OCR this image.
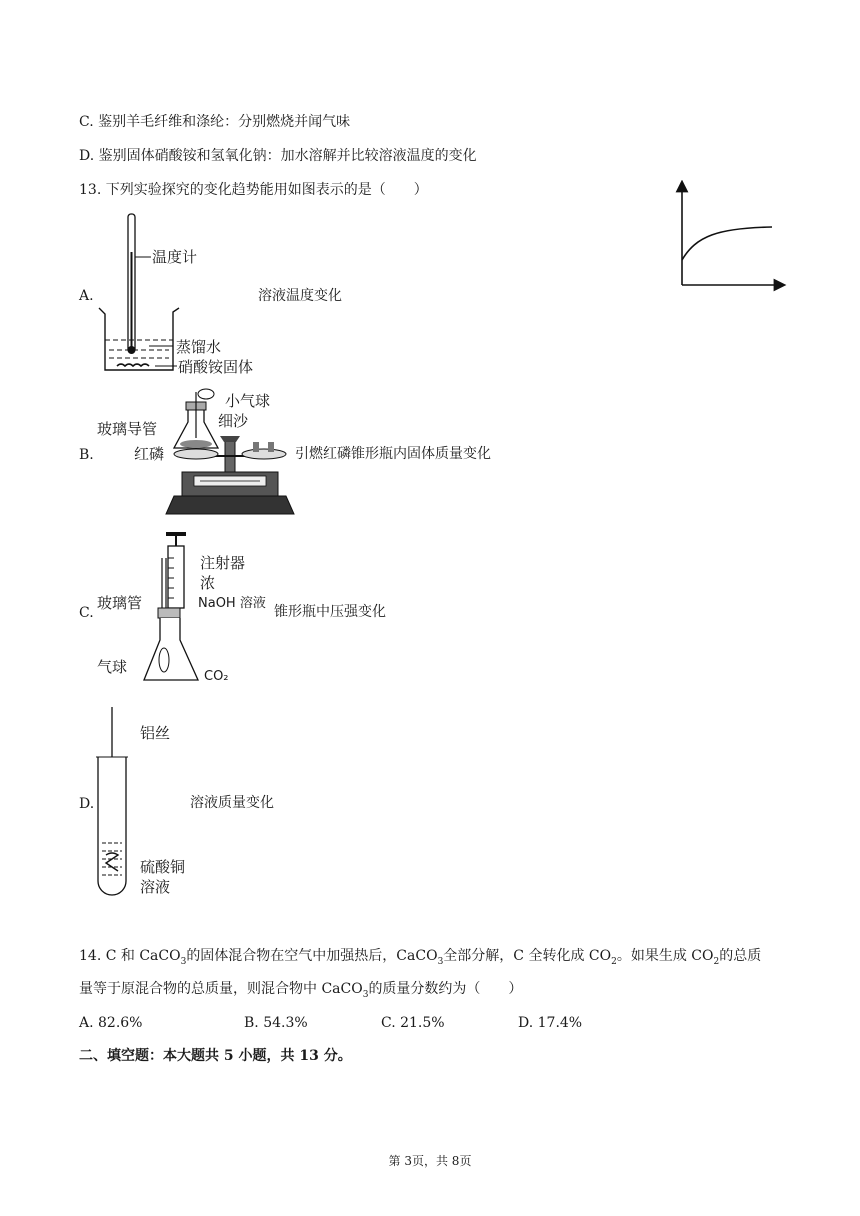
C. 鉴别羊毛纤维和涤纶：分别燃烧并闻气味
D. 鉴别固体硝酸铵和氢氧化钠：加水溶解并比较溶液温度的变化
13. 下列实验探究的变化趋势能用如图表示的是（　　）
A.	溶液温度变化
温度计
蒸馏水
硝酸铵固体
B.	引燃红磷锥形瓶内固体质量变化
小气球
玻璃导管	细沙
红磷
C.	锥形瓶中压强变化
注射器
浓
NaOH 溶液
玻璃管
气球
CO₂
D.	溶液质量变化
铝丝
硫酸铜
溶液
14. C 和 CaCO$_3$的固体混合物在空气中加强热后，CaCO$_3$全部分解，C 全转化成 $CO_2$。如果生成 $CO_2$的总质
量等于原混合物的总质量，则混合物中 CaCO$_3$的质量分数约为（　　）
A. 82.6%	B. 54.3%	C. 21.5%	D. 17.4%
二、填空题：本大题共 5 小题，共 13 分。
第 3页，共 8页
